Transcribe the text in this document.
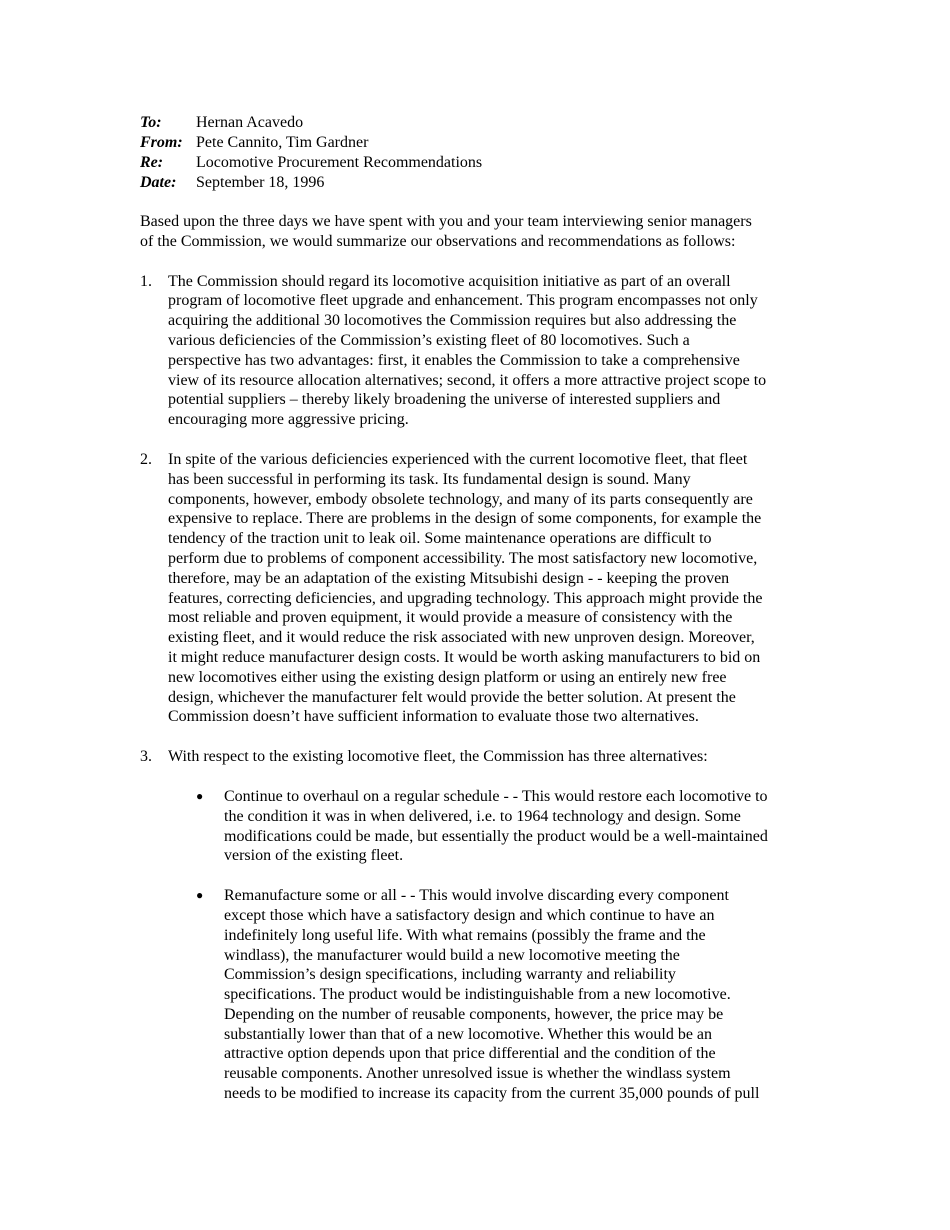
To:	Hernan Acavedo
From: Pete Cannito, Tim Gardner
Re:	Locomotive Procurement Recommendations
Date:	September 18, 1996
Based upon the three days we have spent with you and your team interviewing senior managers
of the Commission, we would summarize our observations and recommendations as follows:
1.	The Commission should regard its locomotive acquisition initiative as part of an overall
program of locomotive fleet upgrade and enhancement. This program encompasses not only
acquiring the additional 30 locomotives the Commission requires but also addressing the
various deficiencies of the Commission’s existing fleet of 80 locomotives. Such a
perspective has two advantages: first, it enables the Commission to take a comprehensive
view of its resource allocation alternatives; second, it offers a more attractive project scope to
potential suppliers – thereby likely broadening the universe of interested suppliers and
encouraging more aggressive pricing.
2.	In spite of the various deficiencies experienced with the current locomotive fleet, that fleet
has been successful in performing its task. Its fundamental design is sound. Many
components, however, embody obsolete technology, and many of its parts consequently are
expensive to replace. There are problems in the design of some components, for example the
tendency of the traction unit to leak oil. Some maintenance operations are difficult to
perform due to problems of component accessibility. The most satisfactory new locomotive,
therefore, may be an adaptation of the existing Mitsubishi design - - keeping the proven
features, correcting deficiencies, and upgrading technology. This approach might provide the
most reliable and proven equipment, it would provide a measure of consistency with the
existing fleet, and it would reduce the risk associated with new unproven design. Moreover,
it might reduce manufacturer design costs. It would be worth asking manufacturers to bid on
new locomotives either using the existing design platform or using an entirely new free
design, whichever the manufacturer felt would provide the better solution. At present the
Commission doesn’t have sufficient information to evaluate those two alternatives.
3.	With respect to the existing locomotive fleet, the Commission has three alternatives:
●	Continue to overhaul on a regular schedule - - This would restore each locomotive to
the condition it was in when delivered, i.e. to 1964 technology and design. Some
modifications could be made, but essentially the product would be a well-maintained
version of the existing fleet.
●	Remanufacture some or all - - This would involve discarding every component
except those which have a satisfactory design and which continue to have an
indefinitely long useful life. With what remains (possibly the frame and the
windlass), the manufacturer would build a new locomotive meeting the
Commission’s design specifications, including warranty and reliability
specifications. The product would be indistinguishable from a new locomotive.
Depending on the number of reusable components, however, the price may be
substantially lower than that of a new locomotive. Whether this would be an
attractive option depends upon that price differential and the condition of the
reusable components. Another unresolved issue is whether the windlass system
needs to be modified to increase its capacity from the current 35,000 pounds of pull
